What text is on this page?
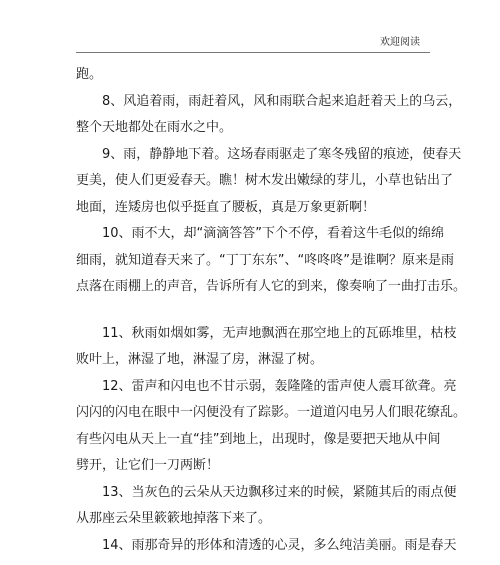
欢迎阅读
跑。
8、风追着雨，雨赶着风，风和雨联合起来追赶着天上的乌云，
整个天地都处在雨水之中。
9、雨，静静地下着。这场春雨驱走了寒冬残留的痕迹，使春天
更美，使人们更爱春天。瞧！树木发出嫩绿的芽儿，小草也钻出了
地面，连矮房也似乎挺直了腰板，真是万象更新啊！
10、雨不大，却“滴滴答答”下个不停，看着这牛毛似的绵绵
细雨，就知道春天来了。“丁丁东东”、“咚咚咚”是谁啊？原来是雨
点落在雨棚上的声音，告诉所有人它的到来，像奏响了一曲打击乐。
11、秋雨如烟如雾，无声地飘洒在那空地上的瓦砾堆里，枯枝
败叶上，淋湿了地，淋湿了房，淋湿了树。
12、雷声和闪电也不甘示弱，轰隆隆的雷声使人震耳欲聋。亮
闪闪的闪电在眼中一闪便没有了踪影。一道道闪电另人们眼花缭乱。
有些闪电从天上一直“挂”到地上，出现时，像是要把天地从中间
劈开，让它们一刀两断！
13、当灰色的云朵从天边飘移过来的时候，紧随其后的雨点便
从那座云朵里簌簌地掉落下来了。
14、雨那奇异的形体和清透的心灵，多么纯洁美丽。雨是春天
